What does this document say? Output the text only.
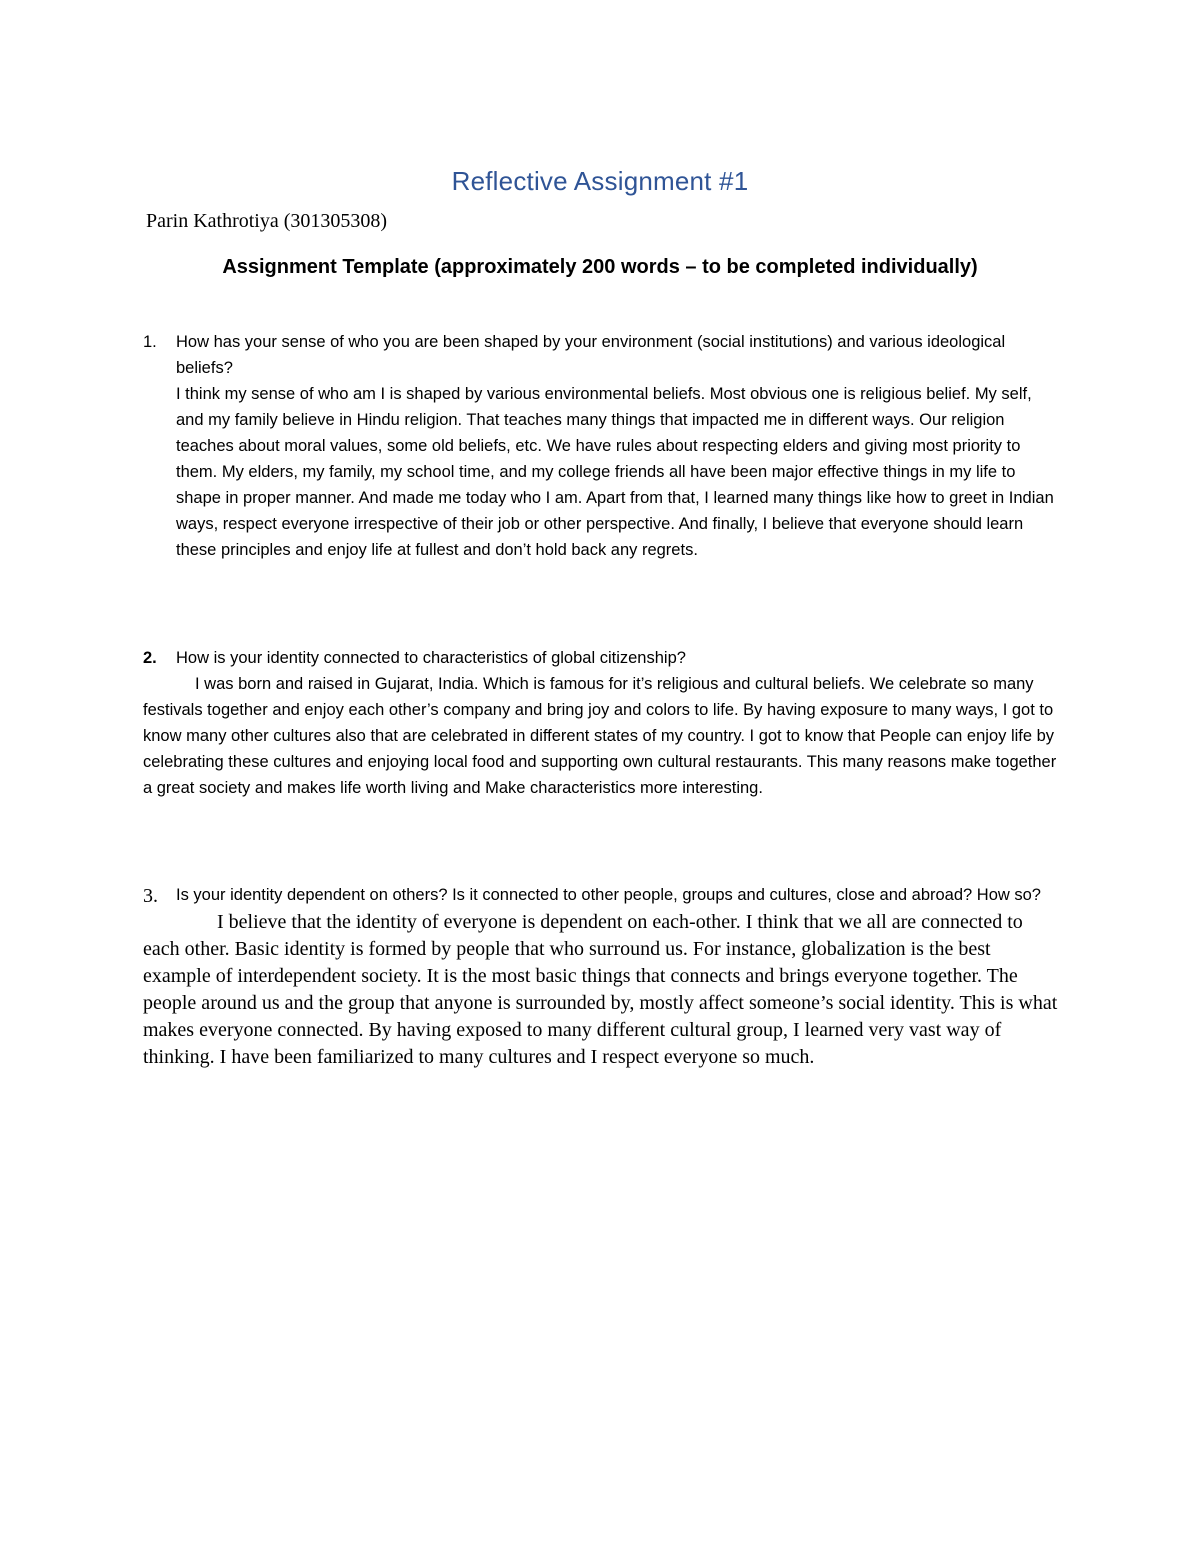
Reflective Assignment #1

Parin Kathrotiya (301305308)

Assignment Template (approximately 200 words – to be completed individually)
1. How has your sense of who you are been shaped by your environment (social institutions) and various ideological beliefs?

I think my sense of who am I is shaped by various environmental beliefs. Most obvious one is religious belief. My self, and my family believe in Hindu religion. That teaches many things that impacted me in different ways. Our religion teaches about moral values, some old beliefs, etc. We have rules about respecting elders and giving most priority to them. My elders, my family, my school time, and my college friends all have been major effective things in my life to shape in proper manner. And made me today who I am. Apart from that, I learned many things like how to greet in Indian ways, respect everyone irrespective of their job or other perspective. And finally, I believe that everyone should learn these principles and enjoy life at fullest and don’t hold back any regrets.

2. How is your identity connected to characteristics of global citizenship?

I was born and raised in Gujarat, India. Which is famous for it’s religious and cultural beliefs. We celebrate so many festivals together and enjoy each other’s company and bring joy and colors to life. By having exposure to many ways, I got to know many other cultures also that are celebrated in different states of my country. I got to know that People can enjoy life by celebrating these cultures and enjoying local food and supporting own cultural restaurants. This many reasons make together a great society and makes life worth living and Make characteristics more interesting.

3. Is your identity dependent on others? Is it connected to other people, groups and cultures, close and abroad? How so?

I believe that the identity of everyone is dependent on each-other. I think that we all are connected to each other. Basic identity is formed by people that who surround us. For instance, globalization is the best example of interdependent society. It is the most basic things that connects and brings everyone together. The people around us and the group that anyone is surrounded by, mostly affect someone’s social identity. This is what makes everyone connected. By having exposed to many different cultural group, I learned very vast way of thinking. I have been familiarized to many cultures and I respect everyone so much.
